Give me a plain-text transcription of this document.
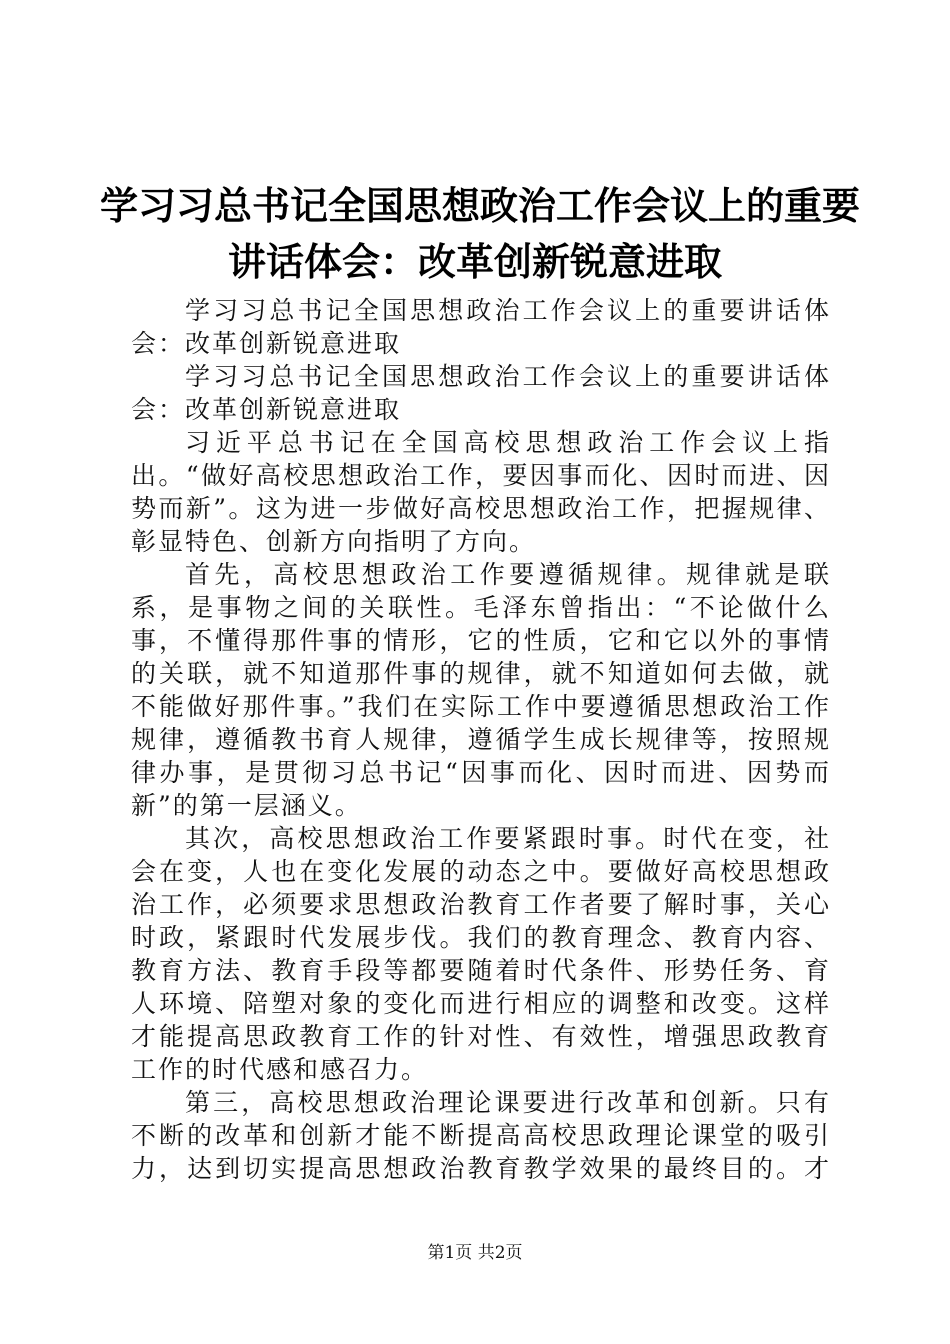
学习习总书记全国思想政治工作会议上的重要
讲话体会：改革创新锐意进取

学习习总书记全国思想政治工作会议上的重要讲话体会：改革创新锐意进取

学习习总书记全国思想政治工作会议上的重要讲话体会：改革创新锐意进取

习近平总书记在全国高校思想政治工作会议上指出。“做好高校思想政治工作，要因事而化、因时而进、因势而新”。这为进一步做好高校思想政治工作，把握规律、彰显特色、创新方向指明了方向。

首先，高校思想政治工作要遵循规律。规律就是联系，是事物之间的关联性。毛泽东曾指出：“不论做什么事，不懂得那件事的情形，它的性质，它和它以外的事情的关联，就不知道那件事的规律，就不知道如何去做，就不能做好那件事。”我们在实际工作中要遵循思想政治工作规律，遵循教书育人规律，遵循学生成长规律等，按照规律办事，是贯彻习总书记“因事而化、因时而进、因势而新”的第一层涵义。

其次，高校思想政治工作要紧跟时事。时代在变，社会在变，人也在变化发展的动态之中。要做好高校思想政治工作，必须要求思想政治教育工作者要了解时事，关心时政，紧跟时代发展步伐。我们的教育理念、教育内容、教育方法、教育手段等都要随着时代条件、形势任务、育人环境、陪塑对象的变化而进行相应的调整和改变。这样才能提高思政教育工作的针对性、有效性，增强思政教育工作的时代感和感召力。

第三，高校思想政治理论课要进行改革和创新。只有不断的改革和创新才能不断提高高校思政理论课堂的吸引力，达到切实提高思想政治教育教学效果的最终目的。才

第1页 共2页
